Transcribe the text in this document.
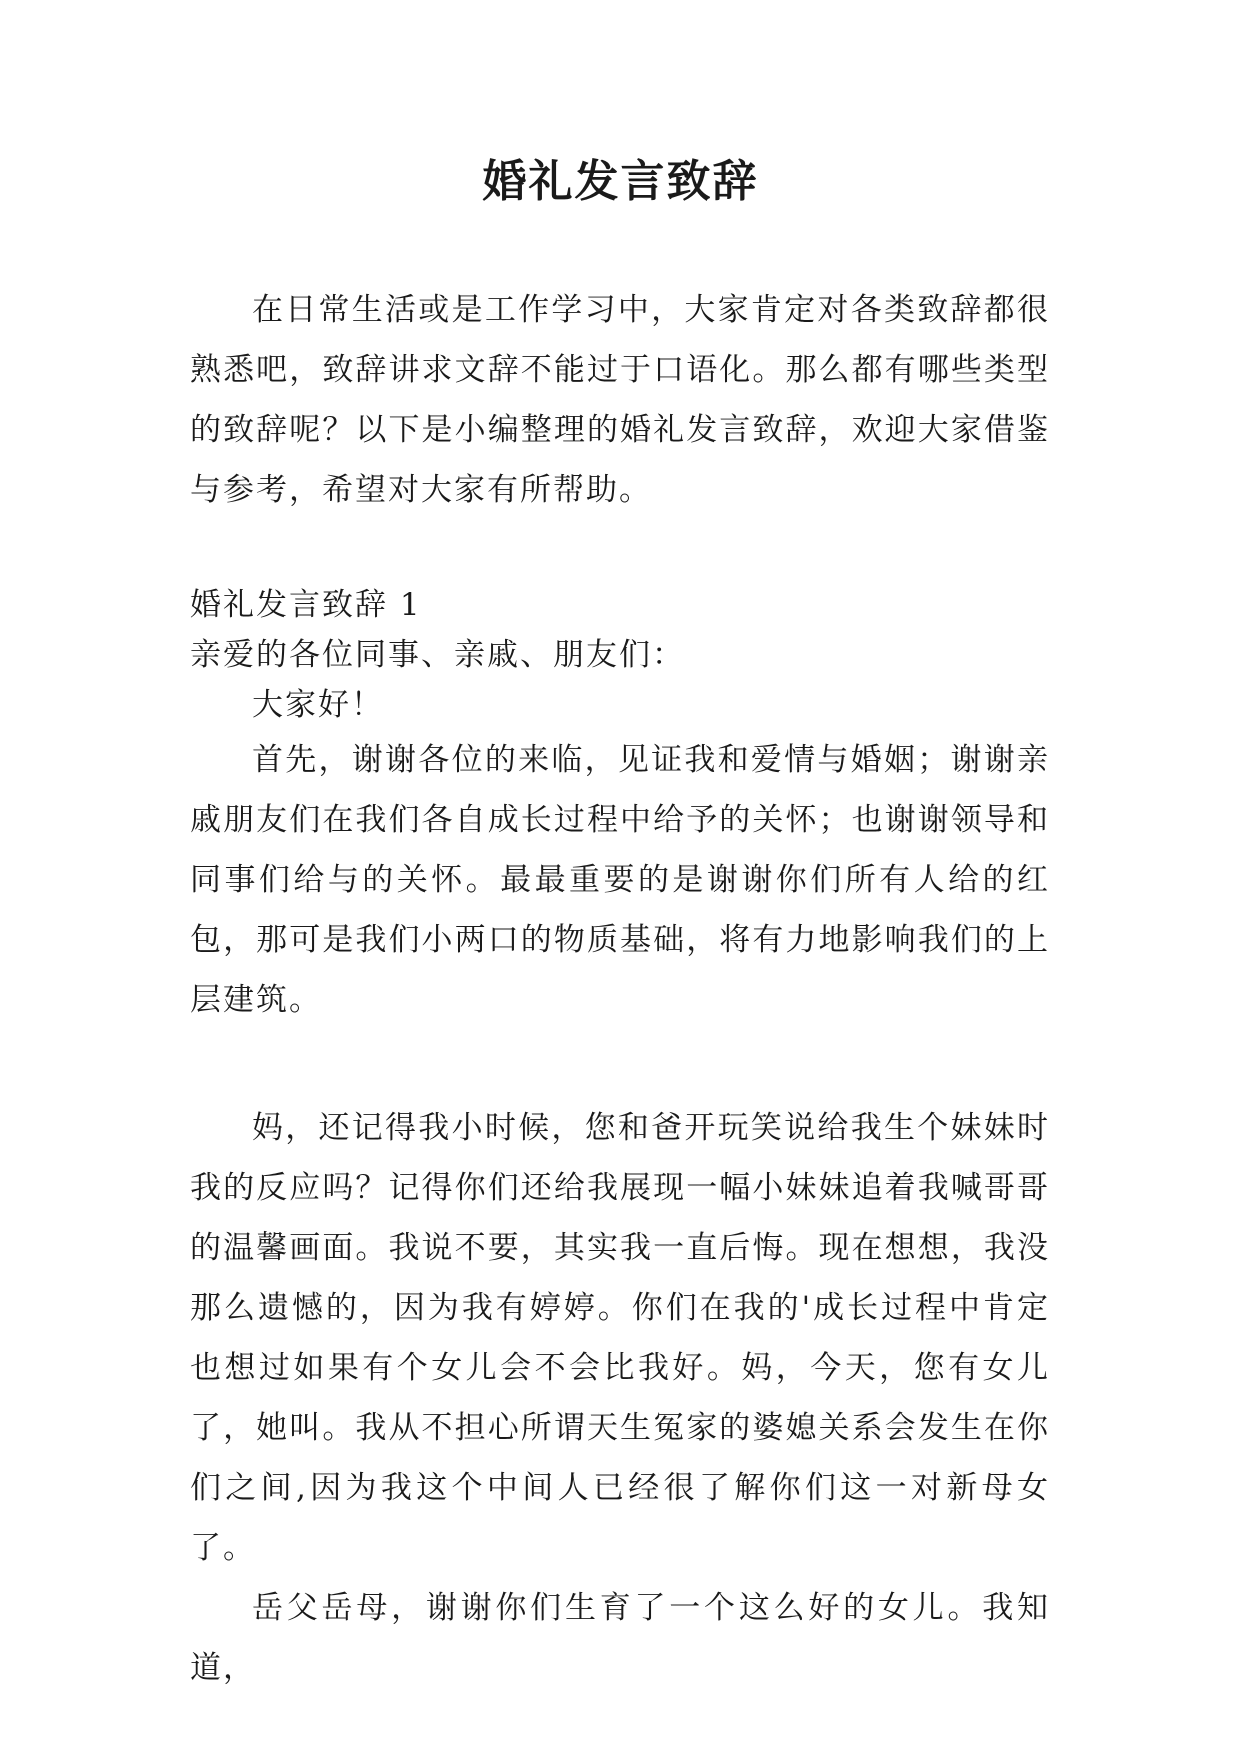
婚礼发言致辞

在日常生活或是工作学习中，大家肯定对各类致辞都很熟悉吧，致辞讲求文辞不能过于口语化。那么都有哪些类型的致辞呢？以下是小编整理的婚礼发言致辞，欢迎大家借鉴与参考，希望对大家有所帮助。

婚礼发言致辞 1

亲爱的各位同事、亲戚、朋友们：

大家好！

首先，谢谢各位的来临，见证我和爱情与婚姻；谢谢亲戚朋友们在我们各自成长过程中给予的关怀；也谢谢领导和同事们给与的关怀。最最重要的是谢谢你们所有人给的红包，那可是我们小两口的物质基础，将有力地影响我们的上层建筑。

妈，还记得我小时候，您和爸开玩笑说给我生个妹妹时我的反应吗？记得你们还给我展现一幅小妹妹追着我喊哥哥的温馨画面。我说不要，其实我一直后悔。现在想想，我没那么遗憾的，因为我有婷婷。你们在我的'成长过程中肯定也想过如果有个女儿会不会比我好。妈，今天，您有女儿了，她叫。我从不担心所谓天生冤家的婆媳关系会发生在你们之间,因为我这个中间人已经很了解你们这一对新母女了。

岳父岳母，谢谢你们生育了一个这么好的女儿。我知道，
